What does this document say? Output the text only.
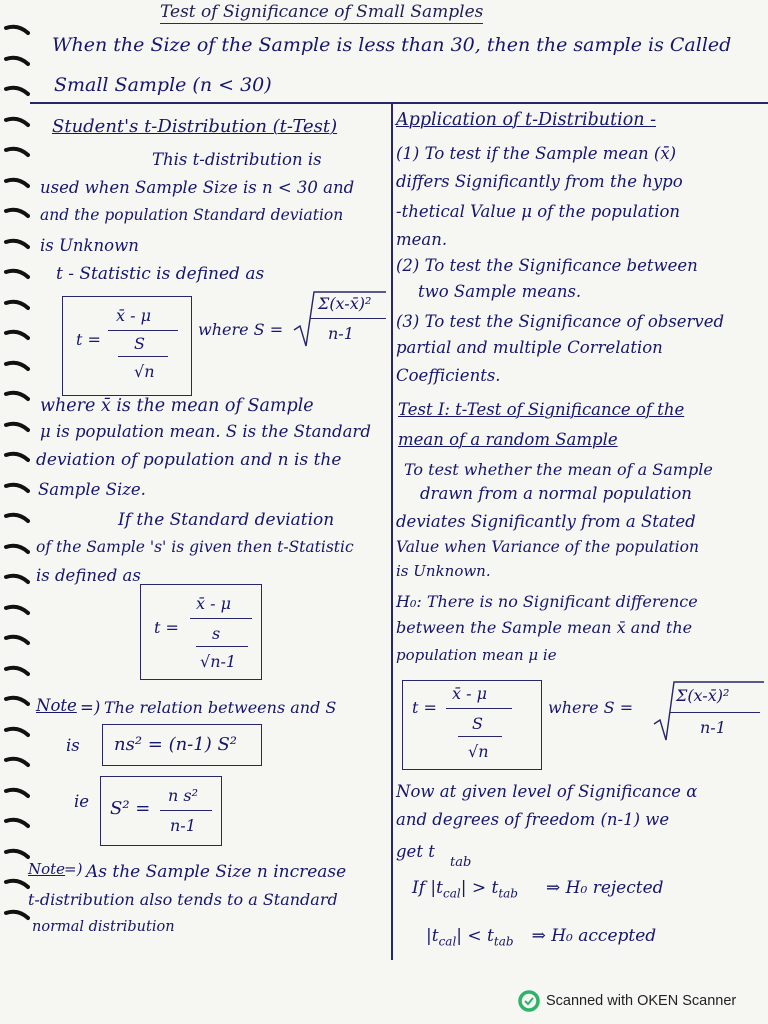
Test of Significance of Small Samples
When the Size of the Sample is less than 30, then the sample is Called
Small Sample (n < 30)
Student's t-Distribution (t-Test)
This t-distribution is
used when Sample Size is n < 30 and
and the population Standard deviation
is Unknown
t - Statistic is defined as
t =
x̄ - μ
S
√n
where S =
Σ(x-x̄)²
n-1
where x̄ is the mean of Sample
μ is population mean. S is the Standard
deviation of population and n is the
Sample Size.
If the Standard deviation
of the Sample 's' is given then t-Statistic
is defined as
t =
x̄ - μ
s
√n-1
Note =) The relation betweens and S
is ns² = (n-1) S²
ie S² =
n s²
n-1
Note
=) As the Sample Size n increase
t-distribution also tends to a Standard
normal distribution
Application of t-Distribution -
(1) To test if the Sample mean (x̄)
differs Significantly from the hypo
-thetical Value μ of the population
mean.
(2) To test the Significance between
two Sample means.
(3) To test the Significance of observed
partial and multiple Correlation
Coefficients.
Test I: t-Test of Significance of the
mean of a random Sample
To test whether the mean of a Sample
drawn from a normal population
deviates Significantly from a Stated
Value when Variance of the population
is Unknown.
H₀: There is no Significant difference
between the Sample mean x̄ and the
population mean μ ie
t =
x̄ - μ
S
√n
where S =
Σ(x-x̄)²
n-1
Now at given level of Significance α
and degrees of freedom (n-1) we
get t
tab
If $|t_{cal}| > t_{tab}$ ⇒ H₀ rejected
$|t_{cal}| < t_{tab}$ ⇒ H₀ accepted
Scanned with OKEN Scanner
